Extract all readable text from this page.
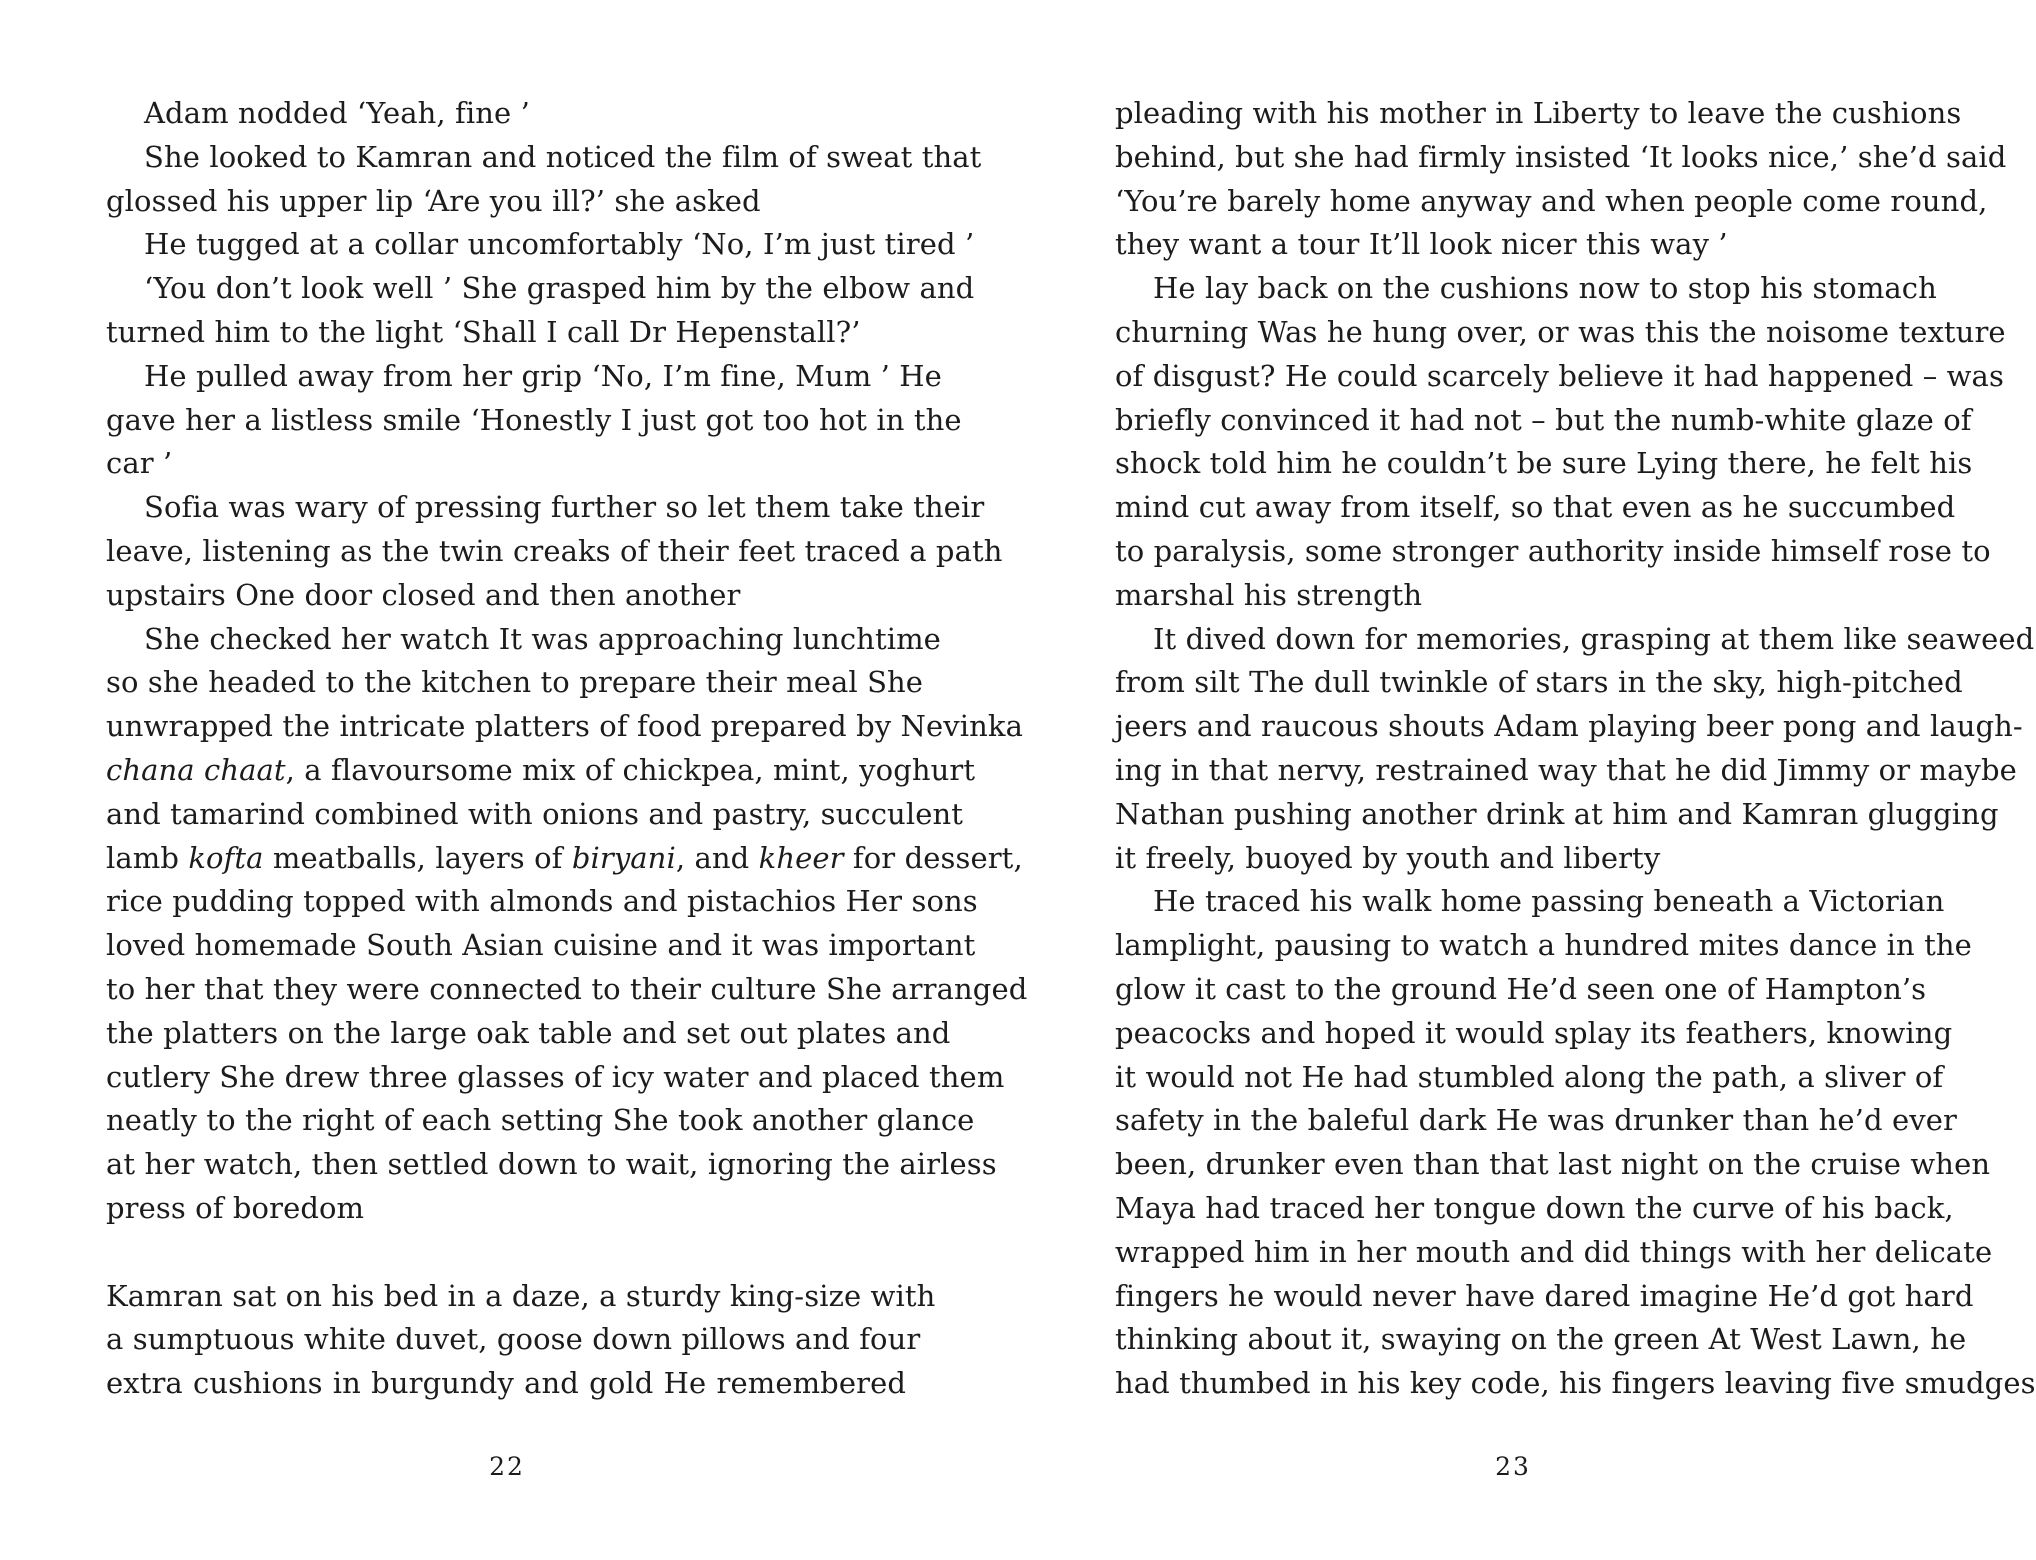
Adam nodded ‘Yeah, fine ’
She looked to Kamran and noticed the film of sweat that
glossed his upper lip ‘Are you ill?’ she asked
He tugged at a collar uncomfortably ‘No, I’m just tired ’
‘You don’t look well ’ She grasped him by the elbow and
turned him to the light ‘Shall I call Dr Hepenstall?’
He pulled away from her grip ‘No, I’m fine, Mum ’ He
gave her a listless smile ‘Honestly I just got too hot in the
car ’
Sofia was wary of pressing further so let them take their
leave, listening as the twin creaks of their feet traced a path
upstairs One door closed and then another
She checked her watch It was approaching lunchtime
so she headed to the kitchen to prepare their meal She
unwrapped the intricate platters of food prepared by Nevinka
chana chaat, a flavoursome mix of chickpea, mint, yoghurt
and tamarind combined with onions and pastry, succulent
lamb kofta meatballs, layers of biryani, and kheer for dessert,
rice pudding topped with almonds and pistachios Her sons
loved homemade South Asian cuisine and it was important
to her that they were connected to their culture She arranged
the platters on the large oak table and set out plates and
cutlery She drew three glasses of icy water and placed them
neatly to the right of each setting She took another glance
at her watch, then settled down to wait, ignoring the airless
press of boredom
Kamran sat on his bed in a daze, a sturdy king-size with
a sumptuous white duvet, goose down pillows and four
extra cushions in burgundy and gold He remembered
22
pleading with his mother in Liberty to leave the cushions
behind, but she had firmly insisted ‘It looks nice,’ she’d said
‘You’re barely home anyway and when people come round,
they want a tour It’ll look nicer this way ’
He lay back on the cushions now to stop his stomach
churning Was he hung over, or was this the noisome texture
of disgust? He could scarcely believe it had happened – was
briefly convinced it had not – but the numb-white glaze of
shock told him he couldn’t be sure Lying there, he felt his
mind cut away from itself, so that even as he succumbed
to paralysis, some stronger authority inside himself rose to
marshal his strength
It dived down for memories, grasping at them like seaweed
from silt The dull twinkle of stars in the sky, high-pitched
jeers and raucous shouts Adam playing beer pong and laugh-
ing in that nervy, restrained way that he did Jimmy or maybe
Nathan pushing another drink at him and Kamran glugging
it freely, buoyed by youth and liberty
He traced his walk home passing beneath a Victorian
lamplight, pausing to watch a hundred mites dance in the
glow it cast to the ground He’d seen one of Hampton’s
peacocks and hoped it would splay its feathers, knowing
it would not He had stumbled along the path, a sliver of
safety in the baleful dark He was drunker than he’d ever
been, drunker even than that last night on the cruise when
Maya had traced her tongue down the curve of his back,
wrapped him in her mouth and did things with her delicate
fingers he would never have dared imagine He’d got hard
thinking about it, swaying on the green At West Lawn, he
had thumbed in his key code, his fingers leaving five smudges
23
